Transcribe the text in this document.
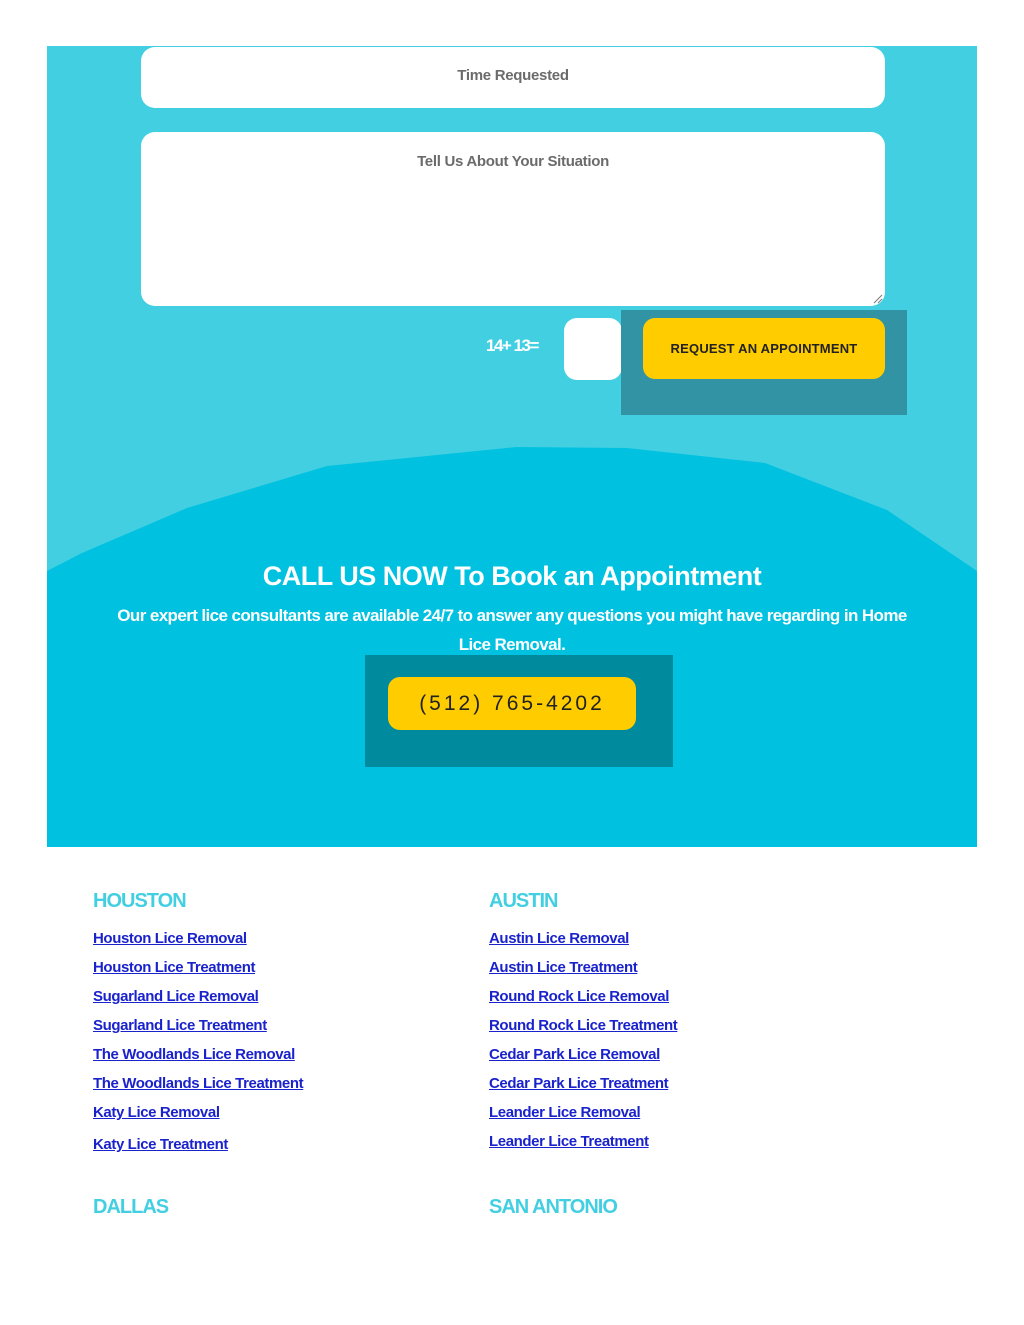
Time Requested
Tell Us About Your Situation
14+ 13=	REQUEST AN APPOINTMENT
CALL US NOW To Book an Appointment
Our expert lice consultants are available 24/7 to answer any questions you might have regarding in Home Lice Removal.
(512) 765-4202
HOUSTON
Houston Lice Removal
Houston Lice Treatment
Sugarland Lice Removal
Sugarland Lice Treatment
The Woodlands Lice Removal
The Woodlands Lice Treatment
Katy Lice Removal
Katy Lice Treatment
AUSTIN
Austin Lice Removal
Austin Lice Treatment
Round Rock Lice Removal
Round Rock Lice Treatment
Cedar Park Lice Removal
Cedar Park Lice Treatment
Leander Lice Removal
Leander Lice Treatment
DALLAS	SAN ANTONIO
